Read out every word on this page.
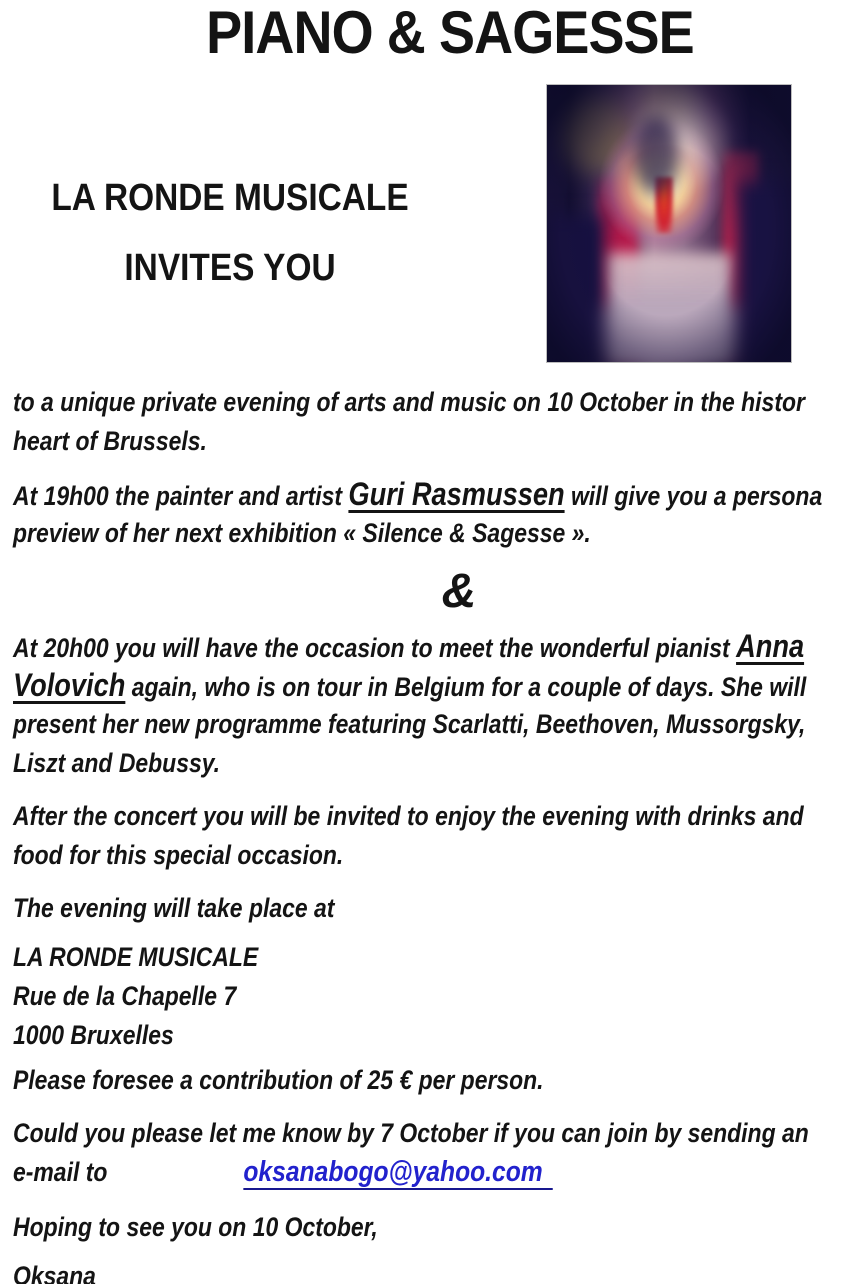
PIANO & SAGESSE
LA RONDE MUSICALE
INVITES YOU
to a unique private evening of arts and music on 10 October in the histor
heart of Brussels.
At 19h00 the painter and artist Guri Rasmussen will give you a persona
preview of her next exhibition « Silence & Sagesse ».
&
At 20h00 you will have the occasion to meet the wonderful pianist Anna
Volovich again, who is on tour in Belgium for a couple of days. She will
present her new programme featuring Scarlatti, Beethoven, Mussorgsky,
Liszt and Debussy.
After the concert you will be invited to enjoy the evening with drinks and
food for this special occasion.
The evening will take place at
LA RONDE MUSICALE
Rue de la Chapelle 7
1000 Bruxelles
Please foresee a contribution of 25 € per person.
Could you please let me know by 7 October if you can join by sending an
e-mail to	oksanabogo@yahoo.com
Hoping to see you on 10 October,
Oksana
